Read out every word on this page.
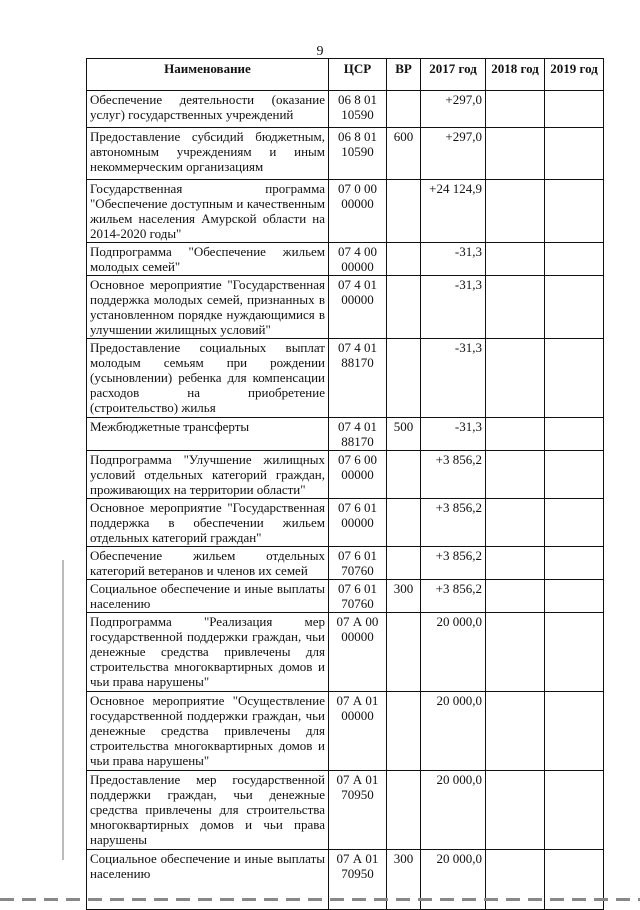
9
Наименование	ЦСР	ВР	2017 год	2018 год	2019 год
Обеспечение деятельности (оказание услуг) государственных учреждений	06 8 01 10590		+297,0		
Предоставление субсидий бюджетным, автономным учреждениям и иным некоммерческим организациям	06 8 01 10590	600	+297,0		
Государственная программа "Обеспечение доступным и качественным жильем населения Амурской области на 2014-2020 годы"	07 0 00 00000		+24 124,9		
Подпрограмма "Обеспечение жильем молодых семей"	07 4 00 00000		-31,3		
Основное мероприятие "Государственная поддержка молодых семей, признанных в установленном порядке нуждающимися в улучшении жилищных условий"	07 4 01 00000		-31,3		
Предоставление социальных выплат молодым семьям при рождении (усыновлении) ребенка для компенсации расходов на приобретение (строительство) жилья	07 4 01 88170		-31,3		
Межбюджетные трансферты	07 4 01 88170	500	-31,3		
Подпрограмма "Улучшение жилищных условий отдельных категорий граждан, проживающих на территории области"	07 6 00 00000		+3 856,2		
Основное мероприятие "Государственная поддержка в обеспечении жильем отдельных категорий граждан"	07 6 01 00000		+3 856,2		
Обеспечение жильем отдельных категорий ветеранов и членов их семей	07 6 01 70760		+3 856,2		
Социальное обеспечение и иные выплаты населению	07 6 01 70760	300	+3 856,2		
Подпрограмма "Реализация мер государственной поддержки граждан, чьи денежные средства привлечены для строительства многоквартирных домов и чьи права нарушены"	07 А 00 00000		20 000,0		
Основное мероприятие "Осуществление государственной поддержки граждан, чьи денежные средства привлечены для строительства многоквартирных домов и чьи права нарушены"	07 А 01 00000		20 000,0		
Предоставление мер государственной поддержки граждан, чьи денежные средства привлечены для строительства многоквартирных домов и чьи права нарушены	07 А 01 70950		20 000,0		
Социальное обеспечение и иные выплаты населению	07 А 01 70950	300	20 000,0		
